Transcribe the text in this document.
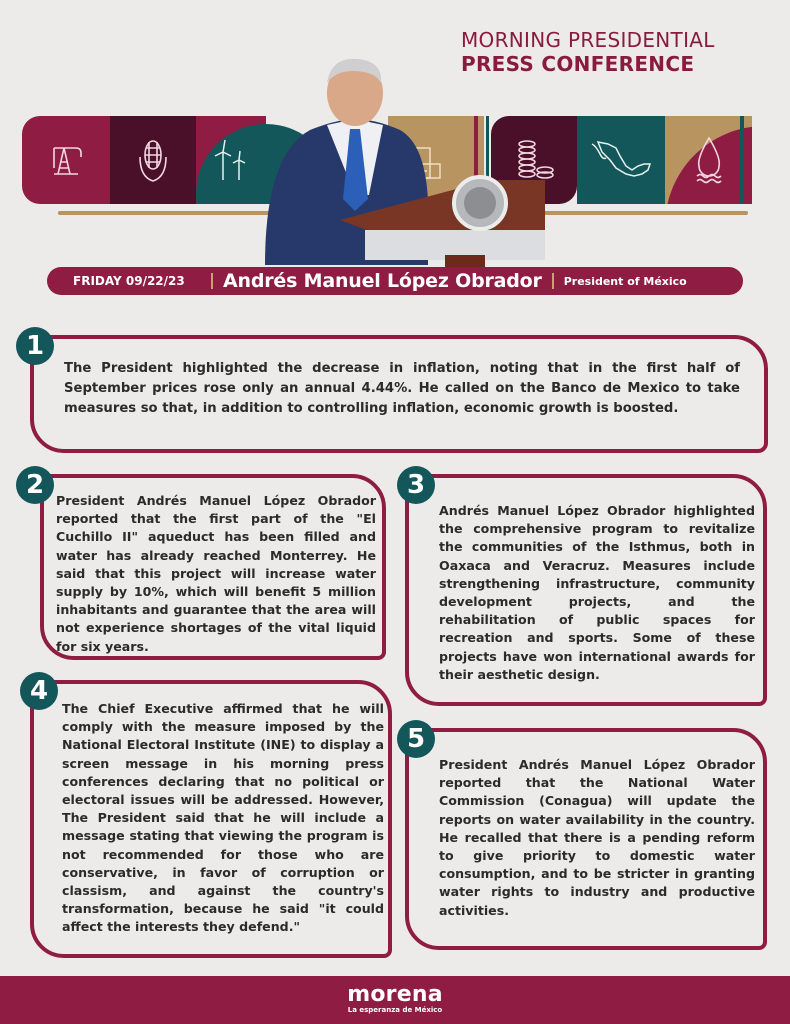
MORNING PRESIDENTIAL
PRESS CONFERENCE
FRIDAY 09/22/23	Andrés Manuel López Obrador President of México
The President highlighted the decrease in inflation, noting that in the first half of September prices rose only an annual 4.44%. He called on the Banco de Mexico to take measures so that, in addition to controlling inflation, economic growth is boosted.
1
President Andrés Manuel López Obrador reported that the first part of the "El Cuchillo II" aqueduct has been filled and water has already reached Monterrey. He said that this project will increase water supply by 10%, which will benefit 5 million inhabitants and guarantee that the area will not experience shortages of the vital liquid for six years.
2
Andrés Manuel López Obrador highlighted the comprehensive program to revitalize the communities of the Isthmus, both in Oaxaca and Veracruz. Measures include strengthening infrastructure, community development projects, and the rehabilitation of public spaces for recreation and sports. Some of these projects have won international awards for their aesthetic design.
3
The Chief Executive affirmed that he will comply with the measure imposed by the National Electoral Institute (INE) to display a screen message in his morning press conferences declaring that no political or electoral issues will be addressed. However, The President said that he will include a message stating that viewing the program is not recommended for those who are conservative, in favor of corruption or classism, and against the country's transformation, because he said "it could affect the interests they defend."
4
President Andrés Manuel López Obrador reported that the National Water Commission (Conagua) will update the reports on water availability in the country. He recalled that there is a pending reform to give priority to domestic water consumption, and to be stricter in granting water rights to industry and productive activities.
5
morena
La esperanza de México
